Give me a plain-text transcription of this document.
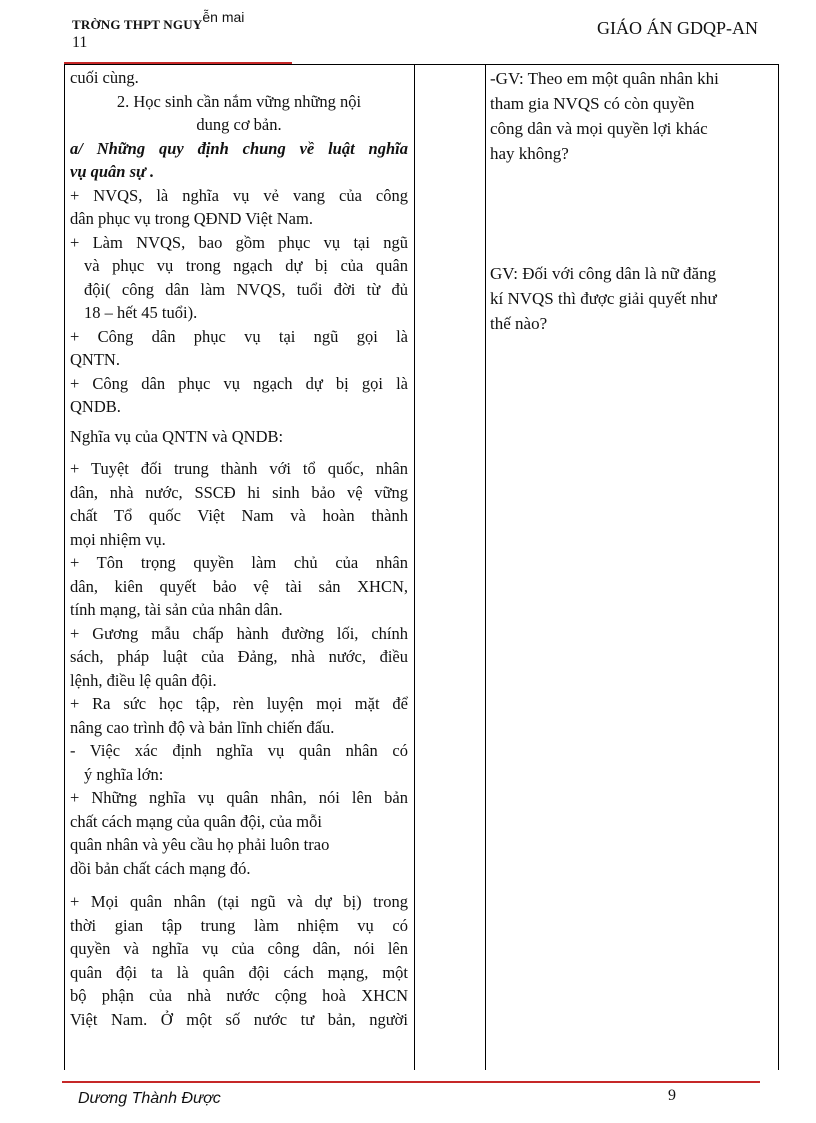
TRỜNG THPT NGUYễn mai
11
GIÁO ÁN GDQP-AN

cuối cùng.

2. Học sinh cần nắm vững những nội

dung cơ bản.

a/ Những quy định chung về luật nghĩa

vụ quân sự .

+ NVQS, là nghĩa vụ vẻ vang của công

dân phục vụ trong QĐND Việt Nam.

+ Làm NVQS, bao gồm phục vụ tại ngũ

và phục vụ trong ngạch dự bị của quân

đội( công dân làm NVQS, tuổi đời từ đủ

18 – hết 45 tuổi).

+ Công dân phục vụ tại ngũ gọi là

QNTN.

+ Công dân phục vụ ngạch dự bị gọi là

QNDB.

Nghĩa vụ của QNTN và QNDB:

+ Tuyệt đối trung thành với tổ quốc, nhân

dân, nhà nước, SSCĐ hi sinh bảo vệ vững

chất Tổ quốc Việt Nam và hoàn thành

mọi nhiệm vụ.

+ Tôn trọng quyền làm chủ của nhân

dân, kiên quyết bảo vệ tài sản XHCN,

tính mạng, tài sản của nhân dân.

+ Gương mẫu chấp hành đường lối, chính

sách, pháp luật của Đảng, nhà nước, điều

lệnh, điều lệ quân đội.

+ Ra sức học tập, rèn luyện mọi mặt để

nâng cao trình độ và bản lĩnh chiến đấu.

- Việc xác định nghĩa vụ quân nhân có

ý nghĩa lớn:

+ Những nghĩa vụ quân nhân, nói lên bản

chất cách mạng của quân đội, của mỗi

quân nhân và yêu cầu họ phải luôn trao

dồi bản chất cách mạng đó.

+ Mọi quân nhân (tại ngũ và dự bị) trong

thời gian tập trung làm nhiệm vụ có

quyền và nghĩa vụ của công dân, nói lên

quân đội ta là quân đội cách mạng, một

bộ phận của nhà nước cộng hoà XHCN

Việt Nam. Ở một số nước tư bản, người

-GV: Theo em một quân nhân khi

tham gia NVQS có còn quyền

công dân và mọi quyền lợi khác

hay không?

GV: Đối với công dân là nữ đăng

kí NVQS thì được giải quyết như

thế nào?

Dương Thành Được	9
